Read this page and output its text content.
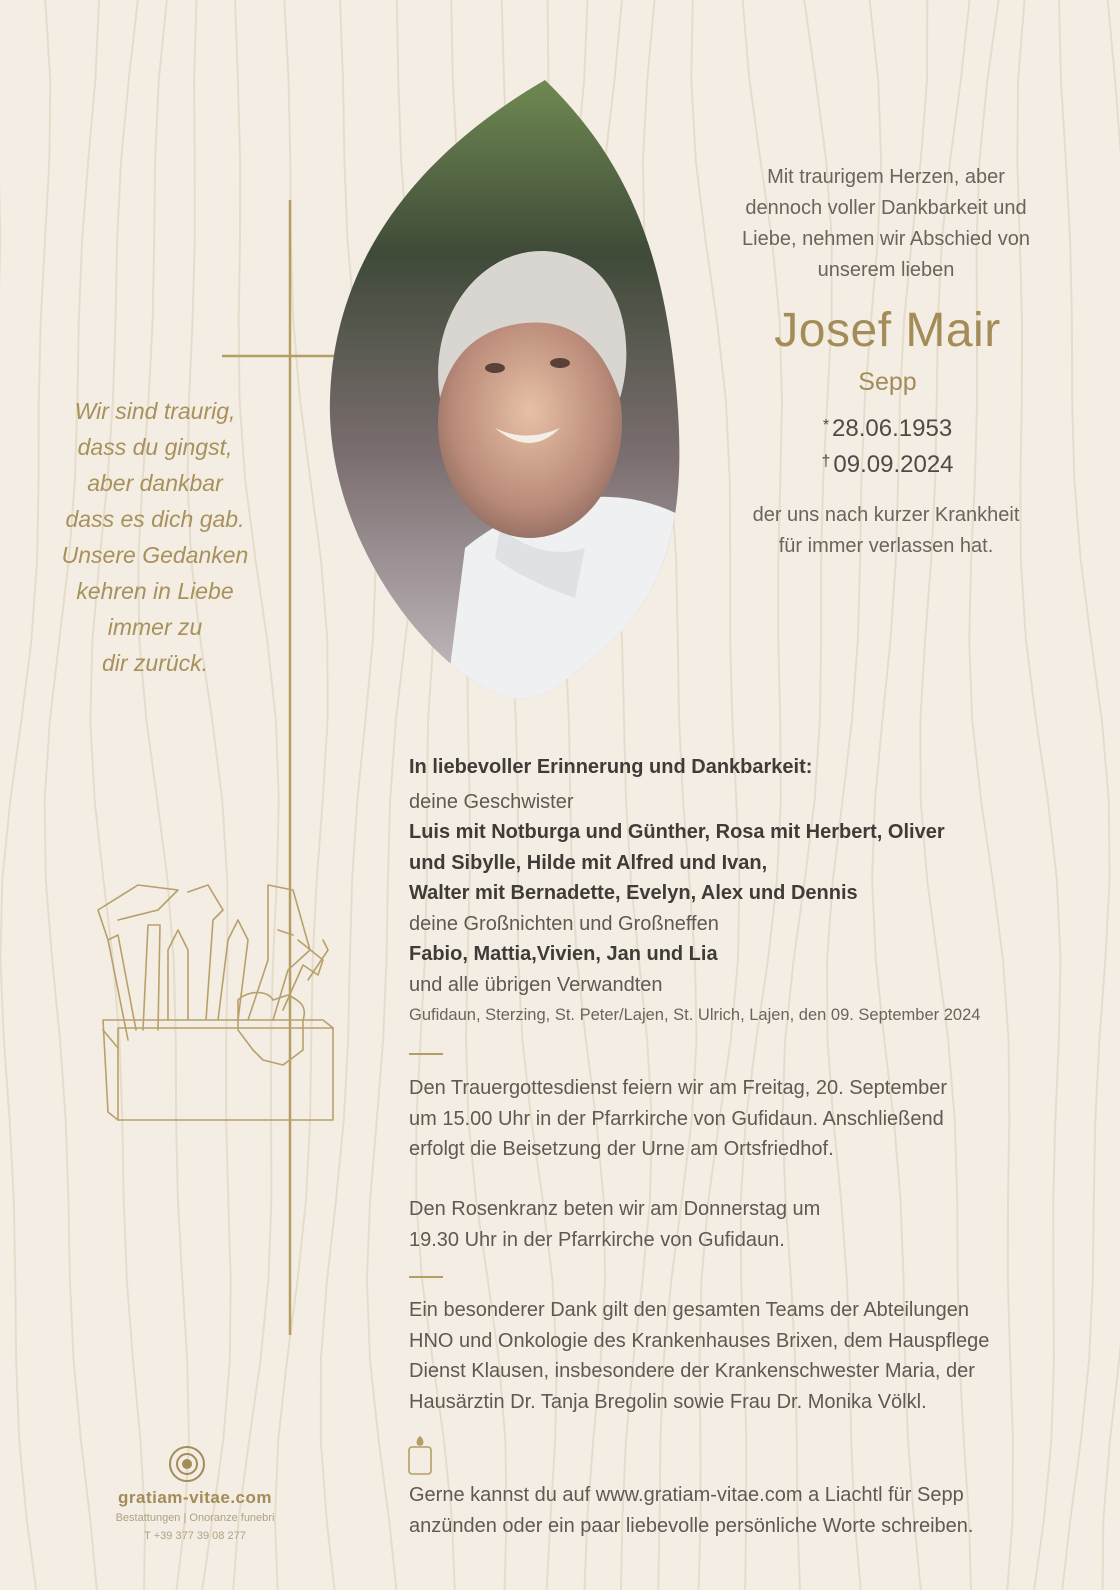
Wir sind traurig,
dass du gingst,
aber dankbar
dass es dich gab.
Unsere Gedanken
kehren in Liebe
immer zu
dir zurück.
Mit traurigem Herzen, aber
dennoch voller Dankbarkeit und
Liebe, nehmen wir Abschied von
unserem lieben
Josef Mair
Sepp
* 28.06.1953
† 09.09.2024
der uns nach kurzer Krankheit
für immer verlassen hat.
In liebevoller Erinnerung und Dankbarkeit:
deine Geschwister
Luis mit Notburga und Günther, Rosa mit Herbert, Oliver
und Sibylle, Hilde mit Alfred und Ivan,
Walter mit Bernadette, Evelyn, Alex und Dennis
deine Großnichten und Großneffen
Fabio, Mattia,Vivien, Jan und Lia
und alle übrigen Verwandten
Gufidaun, Sterzing, St. Peter/Lajen, St. Ulrich, Lajen, den 09. September 2024
Den Trauergottesdienst feiern wir am Freitag, 20. September
um 15.00 Uhr in der Pfarrkirche von Gufidaun. Anschließend
erfolgt die Beisetzung der Urne am Ortsfriedhof.
Den Rosenkranz beten wir am Donnerstag um
19.30 Uhr in der Pfarrkirche von Gufidaun.
Ein besonderer Dank gilt den gesamten Teams der Abteilungen
HNO und Onkologie des Krankenhauses Brixen, dem Hauspflege
Dienst Klausen, insbesondere der Krankenschwester Maria, der
Hausärztin Dr. Tanja Bregolin sowie Frau Dr. Monika Völkl.
Gerne kannst du auf www.gratiam-vitae.com a Liachtl für Sepp
anzünden oder ein paar liebevolle persönliche Worte schreiben.
gratiam-vitae.com
Bestattungen | Onoranze funebri
T +39 377 39 08 277
